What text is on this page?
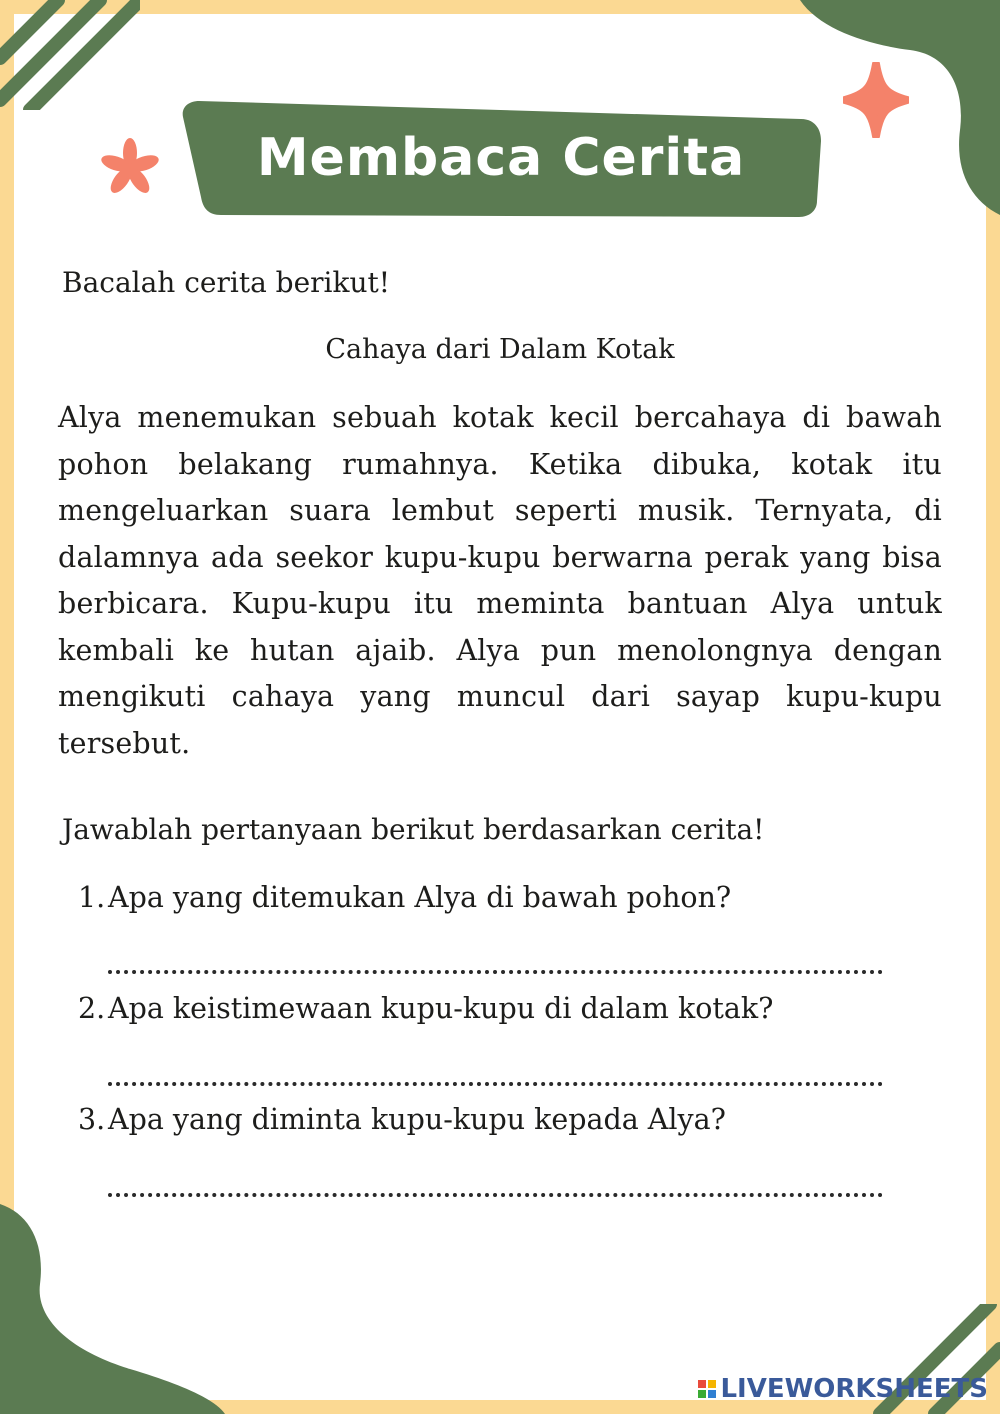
Membaca Cerita
Bacalah cerita berikut!
Cahaya dari Dalam Kotak

Alya menemukan sebuah kotak kecil bercahaya di bawah pohon belakang rumahnya. Ketika dibuka, kotak itu mengeluarkan suara lembut seperti musik. Ternyata, di dalamnya ada seekor kupu-kupu berwarna perak yang bisa berbicara. Kupu-kupu itu meminta bantuan Alya untuk kembali ke hutan ajaib. Alya pun menolongnya dengan mengikuti cahaya yang muncul dari sayap kupu-kupu tersebut.

Jawablah pertanyaan berikut berdasarkan cerita!
1.Apa yang ditemukan Alya di bawah pohon?
2.Apa keistimewaan kupu-kupu di dalam kotak?
3.Apa yang diminta kupu-kupu kepada Alya?
LIVEWORKSHEETS
